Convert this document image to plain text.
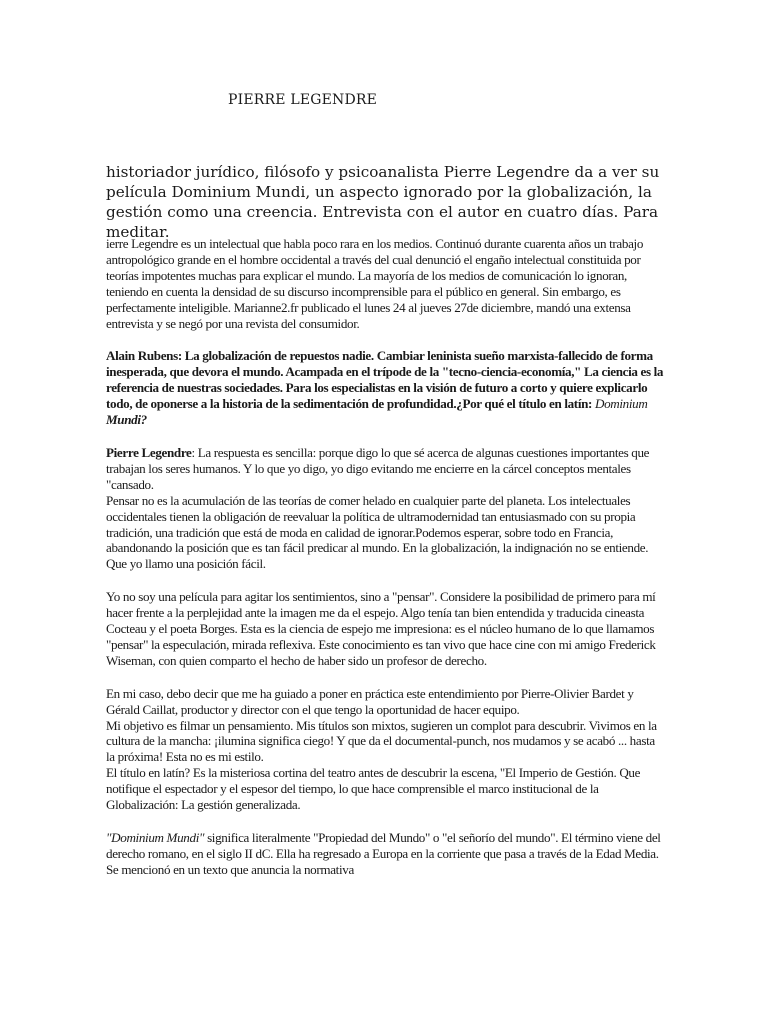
PIERRE LEGENDRE
historiador jurídico, filósofo y psicoanalista Pierre Legendre da a ver su película Dominium Mundi, un aspecto ignorado por la globalización, la gestión como una creencia. Entrevista con el autor en cuatro días. Para meditar.

ierre Legendre es un intelectual que habla poco rara en los medios. Continuó durante cuarenta años un trabajo antropológico grande en el hombre occidental a través del cual denunció el engaño intelectual constituida por teorías impotentes muchas para explicar el mundo. La mayoría de los medios de comunicación lo ignoran, teniendo en cuenta la densidad de su discurso incomprensible para el público en general. Sin embargo, es perfectamente inteligible. Marianne2.fr publicado el lunes 24 al jueves 27de diciembre, mandó una extensa entrevista y se negó por una revista del consumidor.

Alain Rubens: La globalización de repuestos nadie. Cambiar leninista sueño marxista-fallecido de forma inesperada, que devora el mundo. Acampada en el trípode de la "tecno-ciencia-economía," La ciencia es la referencia de nuestras sociedades. Para los especialistas en la visión de futuro a corto y quiere explicarlo todo, de oponerse a la historia de la sedimentación de profundidad.¿Por qué el título en latín: Dominium Mundi?

Pierre Legendre: La respuesta es sencilla: porque digo lo que sé acerca de algunas cuestiones importantes que trabajan los seres humanos. Y lo que yo digo, yo digo evitando me encierre en la cárcel conceptos mentales "cansado.

Pensar no es la acumulación de las teorías de comer helado en cualquier parte del planeta. Los intelectuales occidentales tienen la obligación de reevaluar la política de ultramodernidad tan entusiasmado con su propia tradición, una tradición que está de moda en calidad de ignorar.Podemos esperar, sobre todo en Francia, abandonando la posición que es tan fácil predicar al mundo. En la globalización, la indignación no se entiende. Que yo llamo una posición fácil.

Yo no soy una película para agitar los sentimientos, sino a "pensar". Considere la posibilidad de primero para mí hacer frente a la perplejidad ante la imagen me da el espejo. Algo tenía tan bien entendida y traducida cineasta Cocteau y el poeta Borges. Esta es la ciencia de espejo me impresiona: es el núcleo humano de lo que llamamos "pensar" la especulación, mirada reflexiva. Este conocimiento es tan vivo que hace cine con mi amigo Frederick Wiseman, con quien comparto el hecho de haber sido un profesor de derecho.

En mi caso, debo decir que me ha guiado a poner en práctica este entendimiento por Pierre-Olivier Bardet y Gérald Caillat, productor y director con el que tengo la oportunidad de hacer equipo.

Mi objetivo es filmar un pensamiento. Mis títulos son mixtos, sugieren un complot para descubrir. Vivimos en la cultura de la mancha: ¡ilumina significa ciego! Y que da el documental-punch, nos mudamos y se acabó ... hasta la próxima! Esta no es mi estilo.

El título en latín? Es la misteriosa cortina del teatro antes de descubrir la escena, "El Imperio de Gestión. Que notifique el espectador y el espesor del tiempo, lo que hace comprensible el marco institucional de la Globalización: La gestión generalizada.

"Dominium Mundi" significa literalmente "Propiedad del Mundo" o "el señorío del mundo". El término viene del derecho romano, en el siglo II dC. Ella ha regresado a Europa en la corriente que pasa a través de la Edad Media. Se mencionó en un texto que anuncia la normativa
